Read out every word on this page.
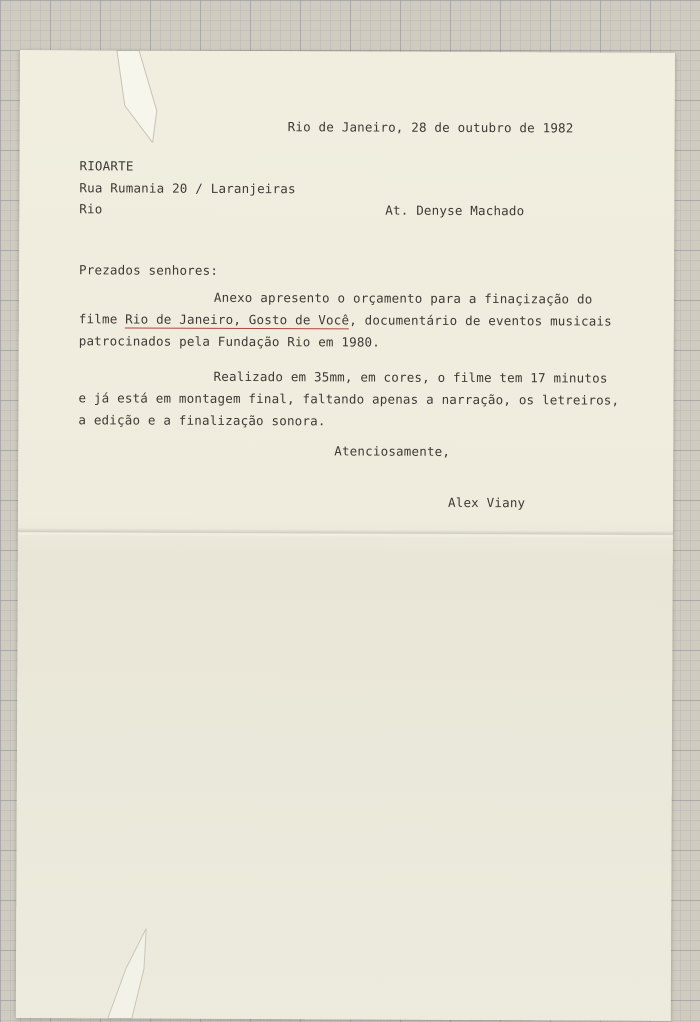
Rio de Janeiro, 28 de outubro de 1982
RIOARTE
Rua Rumania 20 / Laranjeiras
Rio	At. Denyse Machado
Prezados senhores:
Anexo apresento o orçamento para a finaçização do
filme Rio de Janeiro, Gosto de Você, documentário de eventos musicais
patrocinados pela Fundação Rio em 1980.
Realizado em 35mm, em cores, o filme tem 17 minutos
e já está em montagem final, faltando apenas a narração, os letreiros,
a edição e a finalização sonora.
Atenciosamente,
Alex Viany
